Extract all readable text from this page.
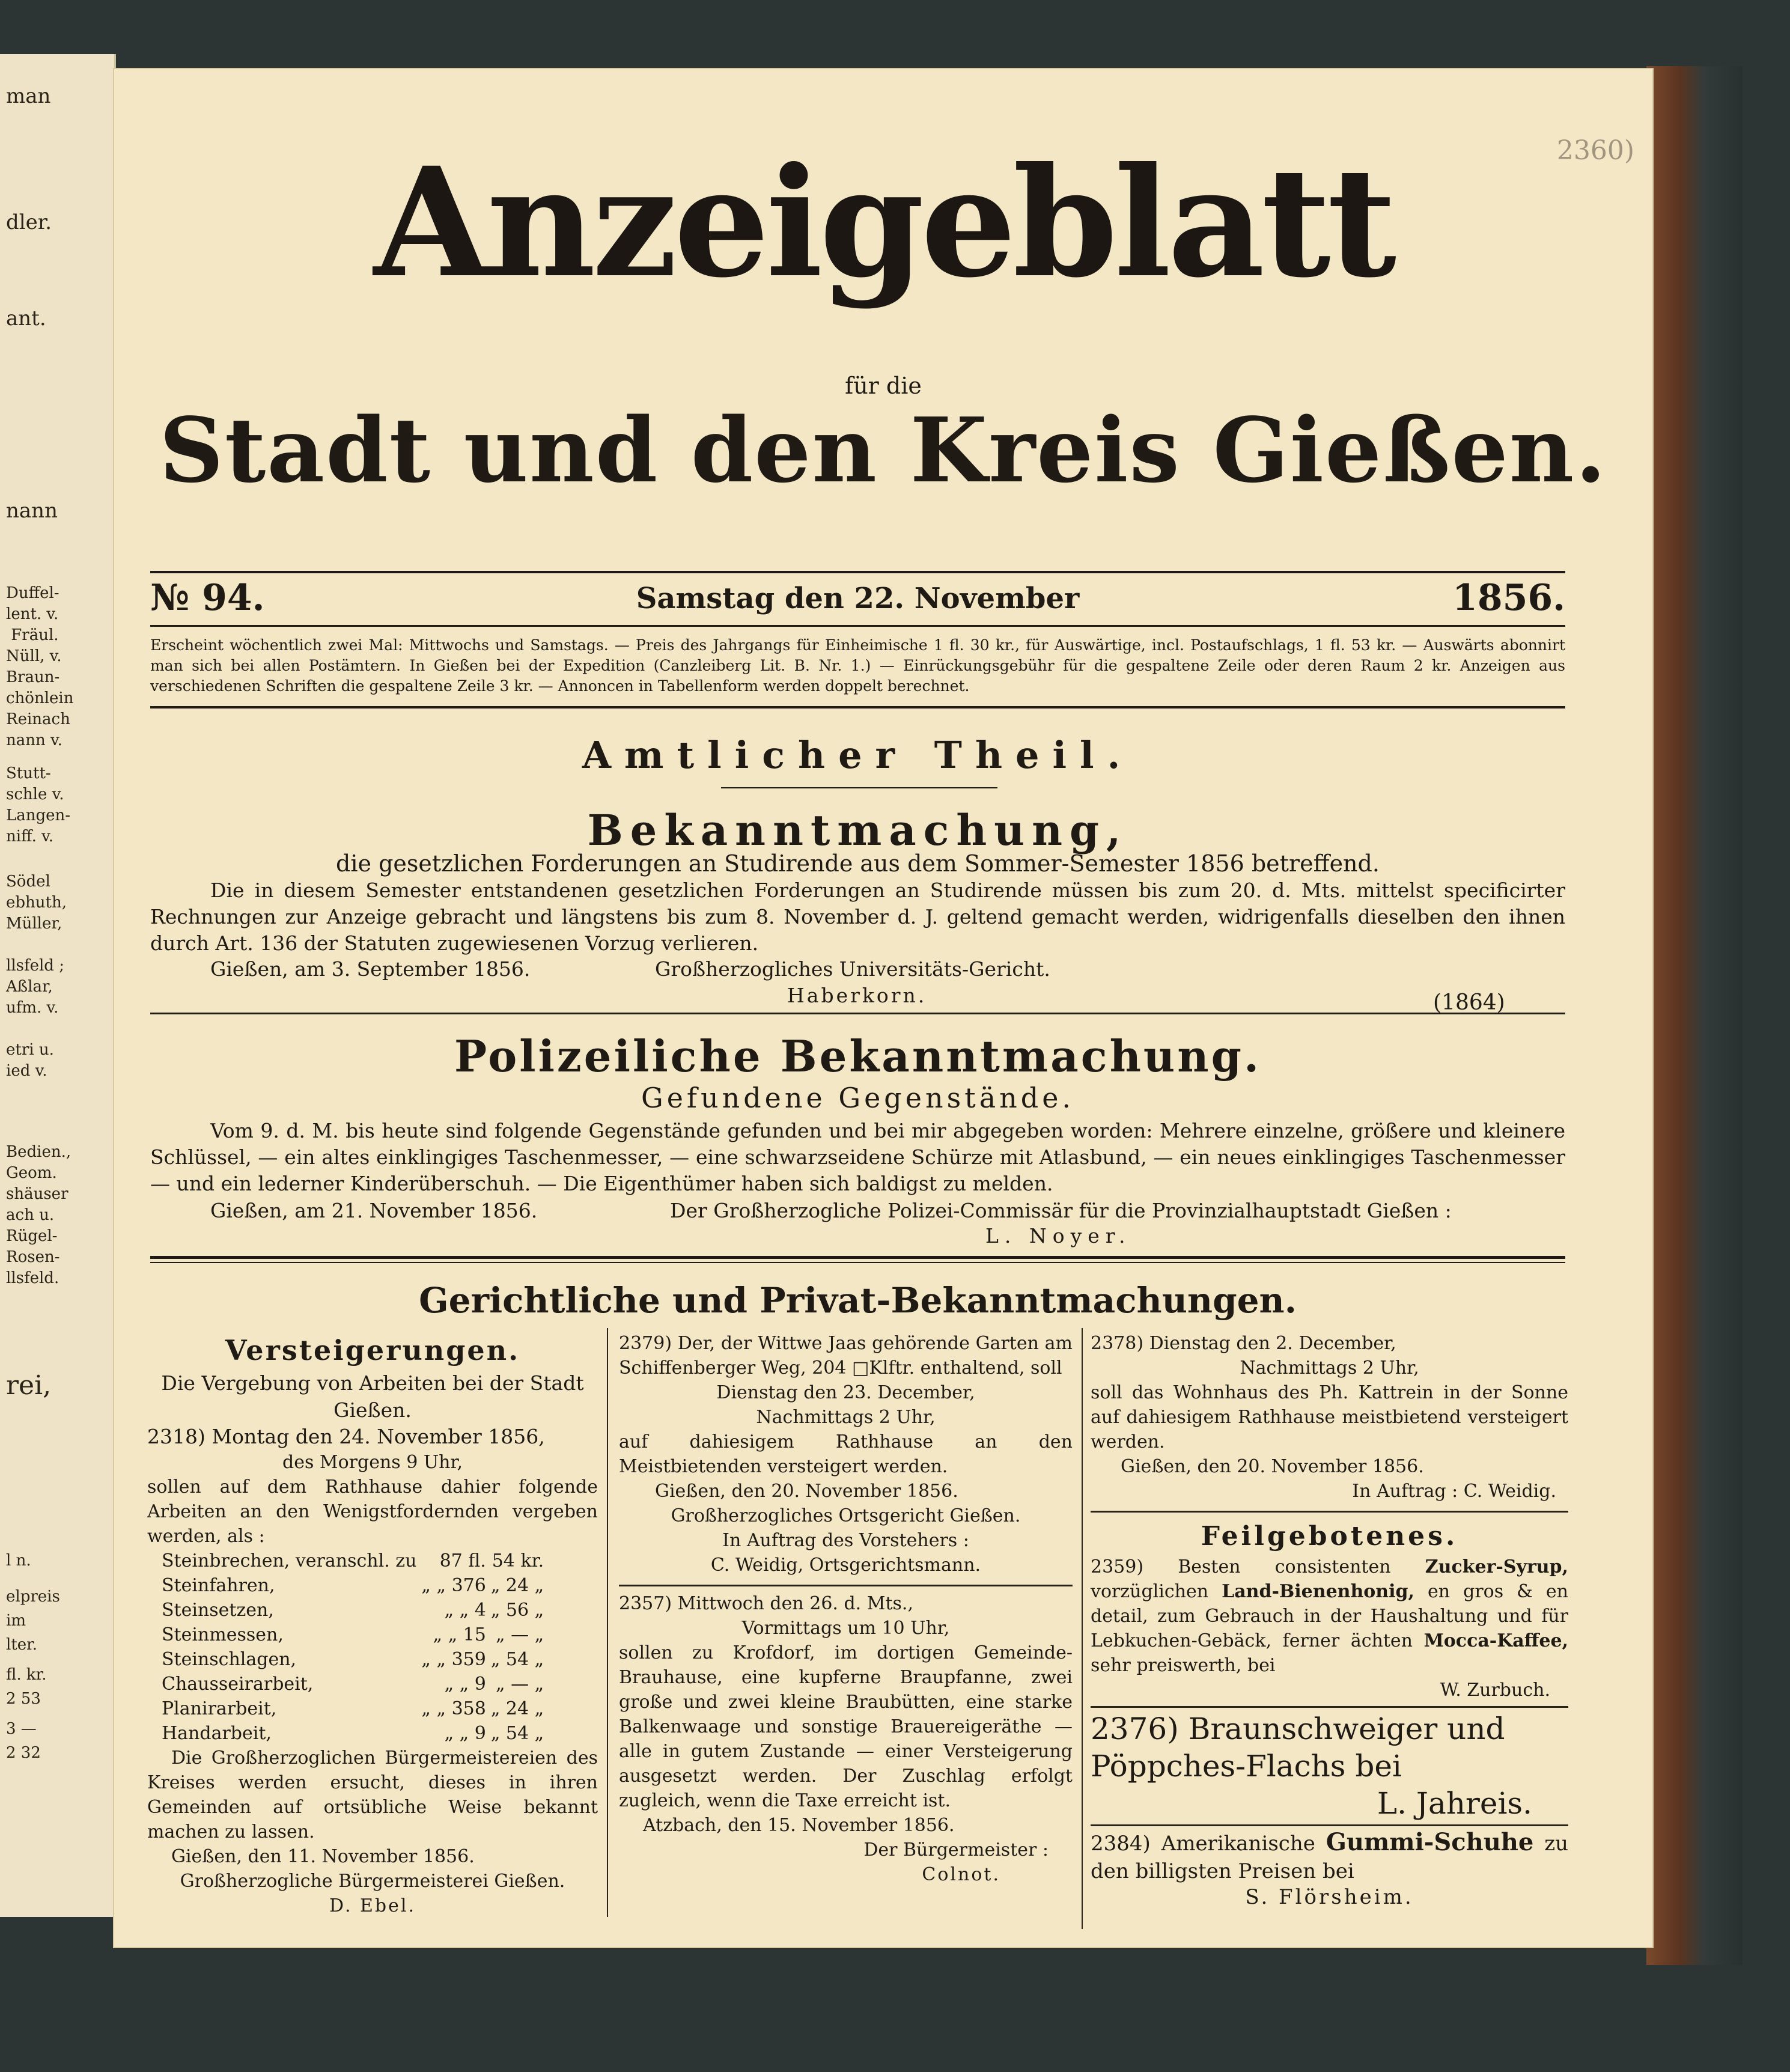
man
dler.
ant.
nann
Duffel-
lent. v.
Fräul.
Nüll, v.
Braun-
chönlein
Reinach
nann v.
Stutt-
schle v.
Langen-
niff. v.
Södel
ebhuth,
Müller,
llsfeld ;
Aßlar,
ufm. v.
etri u.
ied v.
Bedien.,
Geom.
shäuser
ach u.
Rügel-
Rosen-
llsfeld.
rei,
l n.
elpreis
im
lter.
fl. kr.
2 53
3 —
2 32
2360)
Anzeigeblatt
für die
Stadt und den Kreis Gießen.
Samstag den 22. November
№ 94.	1856.
Erscheint wöchentlich zwei Mal: Mittwochs und Samstags. — Preis des Jahrgangs für Einheimische 1 fl. 30 kr., für Auswärtige, incl. Postaufschlags, 1 fl. 53 kr. — Auswärts abonnirt man sich bei allen Postämtern. In Gießen bei der Expedition (Canzleiberg Lit. B. Nr. 1.) — Einrückungsgebühr für die gespaltene Zeile oder deren Raum 2 kr. Anzeigen aus verschiedenen Schriften die gespaltene Zeile 3 kr. — Annoncen in Tabellenform werden doppelt berechnet.
Amtlicher Theil.
Bekanntmachung,
die gesetzlichen Forderungen an Studirende aus dem Sommer-Semester 1856 betreffend.
Die in diesem Semester entstandenen gesetzlichen Forderungen an Studirende müssen bis zum 20. d. Mts. mittelst specificirter Rechnungen zur Anzeige gebracht und längstens bis zum 8. November d. J. geltend gemacht werden, widrigenfalls dieselben den ihnen durch Art. 136 der Statuten zugewiesenen Vorzug verlieren.
Gießen, am 3. September 1856.	Großherzogliches Universitäts-Gericht.
Haberkorn.	(1864)
Polizeiliche Bekanntmachung.
Gefundene Gegenstände.
Vom 9. d. M. bis heute sind folgende Gegenstände gefunden und bei mir abgegeben worden: Mehrere einzelne, größere und kleinere Schlüssel, — ein altes einklingiges Taschenmesser, — eine schwarzseidene Schürze mit Atlasbund, — ein neues einklingiges Taschenmesser — und ein lederner Kinderüberschuh. — Die Eigenthümer haben sich baldigst zu melden.
Gießen, am 21. November 1856.	Der Großherzogliche Polizei-Commissär für die Provinzialhauptstadt Gießen :
L. Noyer.
Gerichtliche und Privat-Bekanntmachungen.

Versteigerungen.

Die Vergebung von Arbeiten bei der Stadt Gießen.

2318) Montag den 24. November 1856,

des Morgens 9 Uhr,

sollen auf dem Rathhause dahier folgende Arbeiten an den Wenigstfordernden vergeben werden, als :

Steinbrechen, veranschl. zu	87 fl.	54 kr.
Steinfahren,	„ „ 376	„ 24 „
Steinsetzen,	„ „ 4	„ 56 „
Steinmessen,	„ „ 15	„ — „
Steinschlagen,	„ „ 359	„ 54 „
Chausseirarbeit,	„ „ 9	„ — „
Planirarbeit,	„ „ 358	„ 24 „
Handarbeit,	„ „ 9	„ 54 „

Die Großherzoglichen Bürgermeistereien des Kreises werden ersucht, dieses in ihren Gemeinden auf ortsübliche Weise bekannt machen zu lassen.

Gießen, den 11. November 1856.

Großherzogliche Bürgermeisterei Gießen.

D. Ebel.

2379) Der, der Wittwe Jaas gehörende Garten am Schiffenberger Weg, 204 □Klftr. enthaltend, soll

Dienstag den 23. December,

Nachmittags 2 Uhr,

auf dahiesigem Rathhause an den Meistbietenden versteigert werden.

Gießen, den 20. November 1856.

Großherzogliches Ortsgericht Gießen.

In Auftrag des Vorstehers :

C. Weidig, Ortsgerichtsmann.

2357) Mittwoch den 26. d. Mts.,

Vormittags um 10 Uhr,

sollen zu Krofdorf, im dortigen Gemeinde-Brauhause, eine kupferne Braupfanne, zwei große und zwei kleine Braubütten, eine starke Balkenwaage und sonstige Brauereigeräthe — alle in gutem Zustande — einer Versteigerung ausgesetzt werden. Der Zuschlag erfolgt zugleich, wenn die Taxe erreicht ist.

Atzbach, den 15. November 1856.

Der Bürgermeister :

Colnot.

2378) Dienstag den 2. December,

Nachmittags 2 Uhr,

soll das Wohnhaus des Ph. Kattrein in der Sonne auf dahiesigem Rathhause meistbietend versteigert werden.

Gießen, den 20. November 1856.

In Auftrag : C. Weidig.

Feilgebotenes.

2359) Besten consistenten Zucker-Syrup, vorzüglichen Land-Bienenhonig, en gros & en detail, zum Gebrauch in der Haushaltung und für Lebkuchen-Gebäck, ferner ächten Mocca-Kaffee, sehr preiswerth, bei

W. Zurbuch.

2376) Braunschweiger und

Pöppches-Flachs bei

L. Jahreis.

2384) Amerikanische Gummi-Schuhe zu den billigsten Preisen bei

S. Flörsheim.
